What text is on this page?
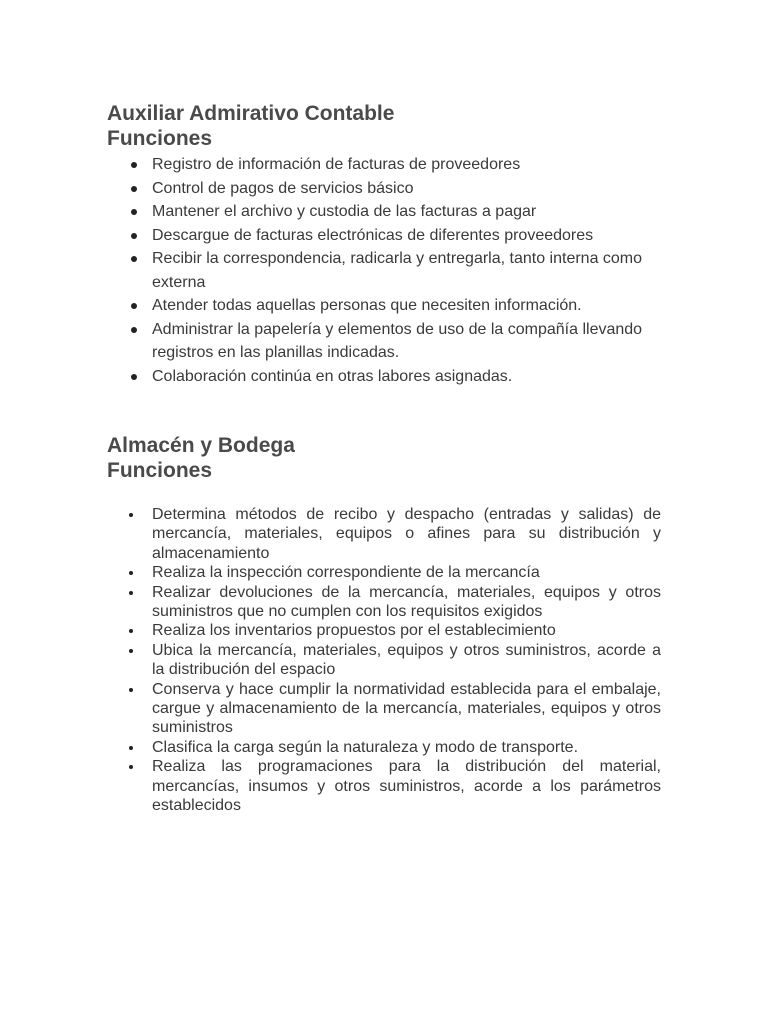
Auxiliar Admirativo Contable
Funciones
Registro de información de facturas de proveedores
Control de pagos de servicios básico
Mantener el archivo y custodia de las facturas a pagar
Descargue de facturas electrónicas de diferentes proveedores
Recibir la correspondencia, radicarla y entregarla, tanto interna como externa
Atender todas aquellas personas que necesiten información.
Administrar la papelería y elementos de uso de la compañía llevando registros en las planillas indicadas.
Colaboración continúa en otras labores asignadas.
Almacén y Bodega
Funciones
Determina métodos de recibo y despacho (entradas y salidas) de mercancía, materiales, equipos o afines para su distribución y almacenamiento
Realiza la inspección correspondiente de la mercancía
Realizar devoluciones de la mercancía, materiales, equipos y otros suministros que no cumplen con los requisitos exigidos
Realiza los inventarios propuestos por el establecimiento
Ubica la mercancía, materiales, equipos y otros suministros, acorde a la distribución del espacio
Conserva y hace cumplir la normatividad establecida para el embalaje, cargue y almacenamiento de la mercancía, materiales, equipos y otros suministros
Clasifica la carga según la naturaleza y modo de transporte.
Realiza las programaciones para la distribución del material, mercancías, insumos y otros suministros, acorde a los parámetros establecidos
